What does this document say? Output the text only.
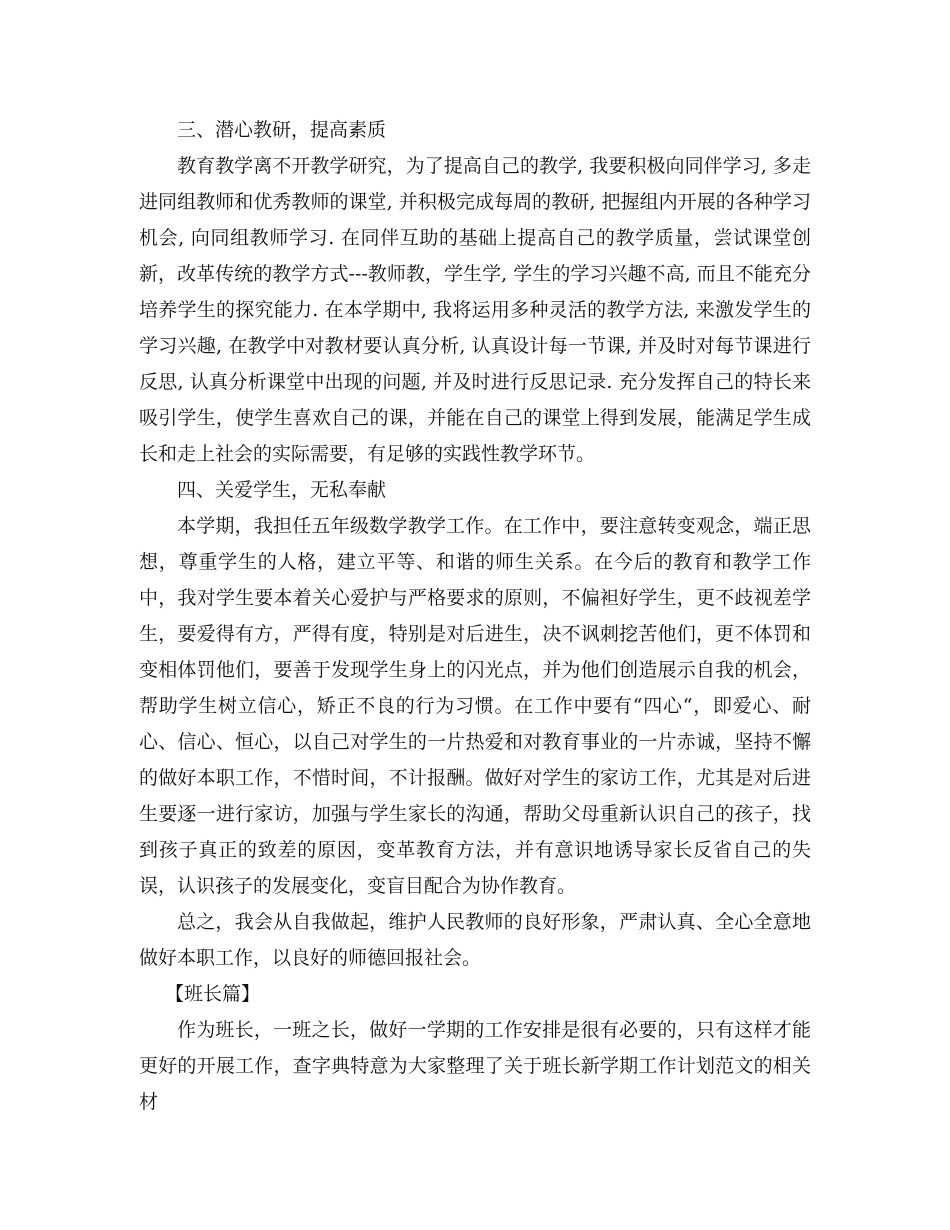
三、潜心教研，提高素质

教育教学离不开教学研究，为了提高自己的教学, 我要积极向同伴学习, 多走进同组教师和优秀教师的课堂, 并积极完成每周的教研, 把握组内开展的各种学习机会, 向同组教师学习. 在同伴互助的基础上提高自己的教学质量，尝试课堂创新，改革传统的教学方式---教师教，学生学, 学生的学习兴趣不高, 而且不能充分培养学生的探究能力. 在本学期中, 我将运用多种灵活的教学方法, 来激发学生的学习兴趣, 在教学中对教材要认真分析, 认真设计每一节课, 并及时对每节课进行反思, 认真分析课堂中出现的问题, 并及时进行反思记录. 充分发挥自己的特长来吸引学生，使学生喜欢自己的课，并能在自己的课堂上得到发展，能满足学生成长和走上社会的实际需要，有足够的实践性教学环节。

四、关爱学生，无私奉献

本学期，我担任五年级数学教学工作。在工作中，要注意转变观念，端正思想，尊重学生的人格，建立平等、和谐的师生关系。在今后的教育和教学工作中，我对学生要本着关心爱护与严格要求的原则，不偏袒好学生，更不歧视差学生，要爱得有方，严得有度，特别是对后进生，决不讽刺挖苦他们，更不体罚和变相体罚他们，要善于发现学生身上的闪光点，并为他们创造展示自我的机会，帮助学生树立信心，矫正不良的行为习惯。在工作中要有“四心“，即爱心、耐心、信心、恒心，以自己对学生的一片热爱和对教育事业的一片赤诚，坚持不懈的做好本职工作，不惜时间，不计报酬。做好对学生的家访工作，尤其是对后进生要逐一进行家访，加强与学生家长的沟通，帮助父母重新认识自己的孩子，找到孩子真正的致差的原因，变革教育方法，并有意识地诱导家长反省自己的失误，认识孩子的发展变化，变盲目配合为协作教育。

总之，我会从自我做起，维护人民教师的良好形象，严肃认真、全心全意地做好本职工作，以良好的师德回报社会。

【班长篇】

作为班长，一班之长，做好一学期的工作安排是很有必要的，只有这样才能更好的开展工作，查字典特意为大家整理了关于班长新学期工作计划范文的相关材
